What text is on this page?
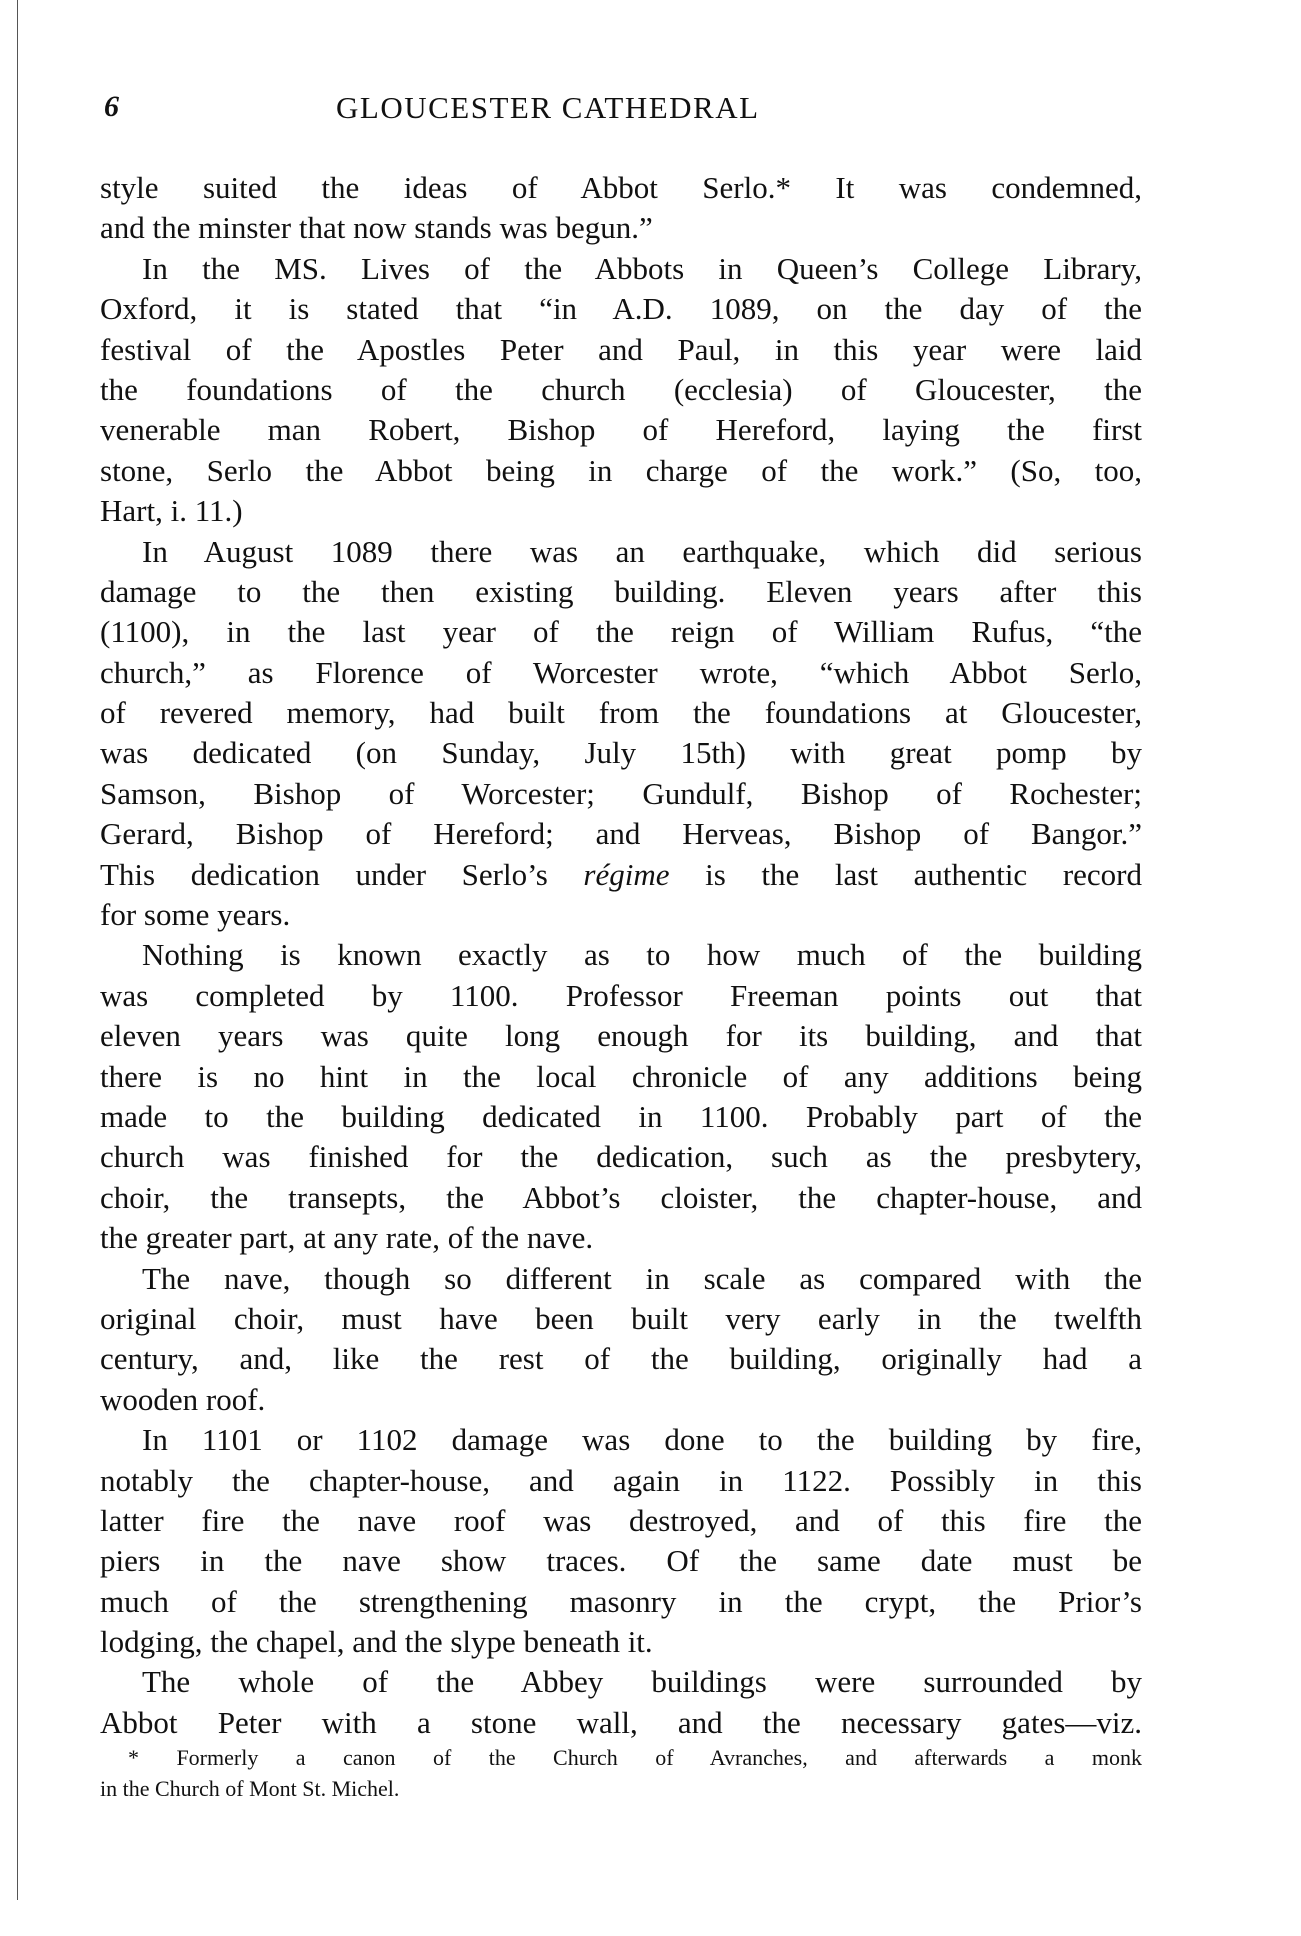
6	GLOUCESTER CATHEDRAL
style suited the ideas of Abbot Serlo.* It was condemned,
and the minster that now stands was begun.”
In the MS. Lives of the Abbots in Queen’s College Library,
Oxford, it is stated that “in A.D. 1089, on the day of the
festival of the Apostles Peter and Paul, in this year were laid
the foundations of the church (ecclesia) of Gloucester, the
venerable man Robert, Bishop of Hereford, laying the first
stone, Serlo the Abbot being in charge of the work.” (So, too,
Hart, i. 11.)
In August 1089 there was an earthquake, which did serious
damage to the then existing building. Eleven years after this
(1100), in the last year of the reign of William Rufus, “the
church,” as Florence of Worcester wrote, “which Abbot Serlo,
of revered memory, had built from the foundations at Gloucester,
was dedicated (on Sunday, July 15th) with great pomp by
Samson, Bishop of Worcester; Gundulf, Bishop of Rochester;
Gerard, Bishop of Hereford; and Herveas, Bishop of Bangor.”
This dedication under Serlo’s régime is the last authentic record
for some years.
Nothing is known exactly as to how much of the building
was completed by 1100. Professor Freeman points out that
eleven years was quite long enough for its building, and that
there is no hint in the local chronicle of any additions being
made to the building dedicated in 1100. Probably part of the
church was finished for the dedication, such as the presbytery,
choir, the transepts, the Abbot’s cloister, the chapter-house, and
the greater part, at any rate, of the nave.
The nave, though so different in scale as compared with the
original choir, must have been built very early in the twelfth
century, and, like the rest of the building, originally had a
wooden roof.
In 1101 or 1102 damage was done to the building by fire,
notably the chapter-house, and again in 1122. Possibly in this
latter fire the nave roof was destroyed, and of this fire the
piers in the nave show traces. Of the same date must be
much of the strengthening masonry in the crypt, the Prior’s
lodging, the chapel, and the slype beneath it.
The whole of the Abbey buildings were surrounded by
Abbot Peter with a stone wall, and the necessary gates—viz.
* Formerly a canon of the Church of Avranches, and afterwards a monk
in the Church of Mont St. Michel.
